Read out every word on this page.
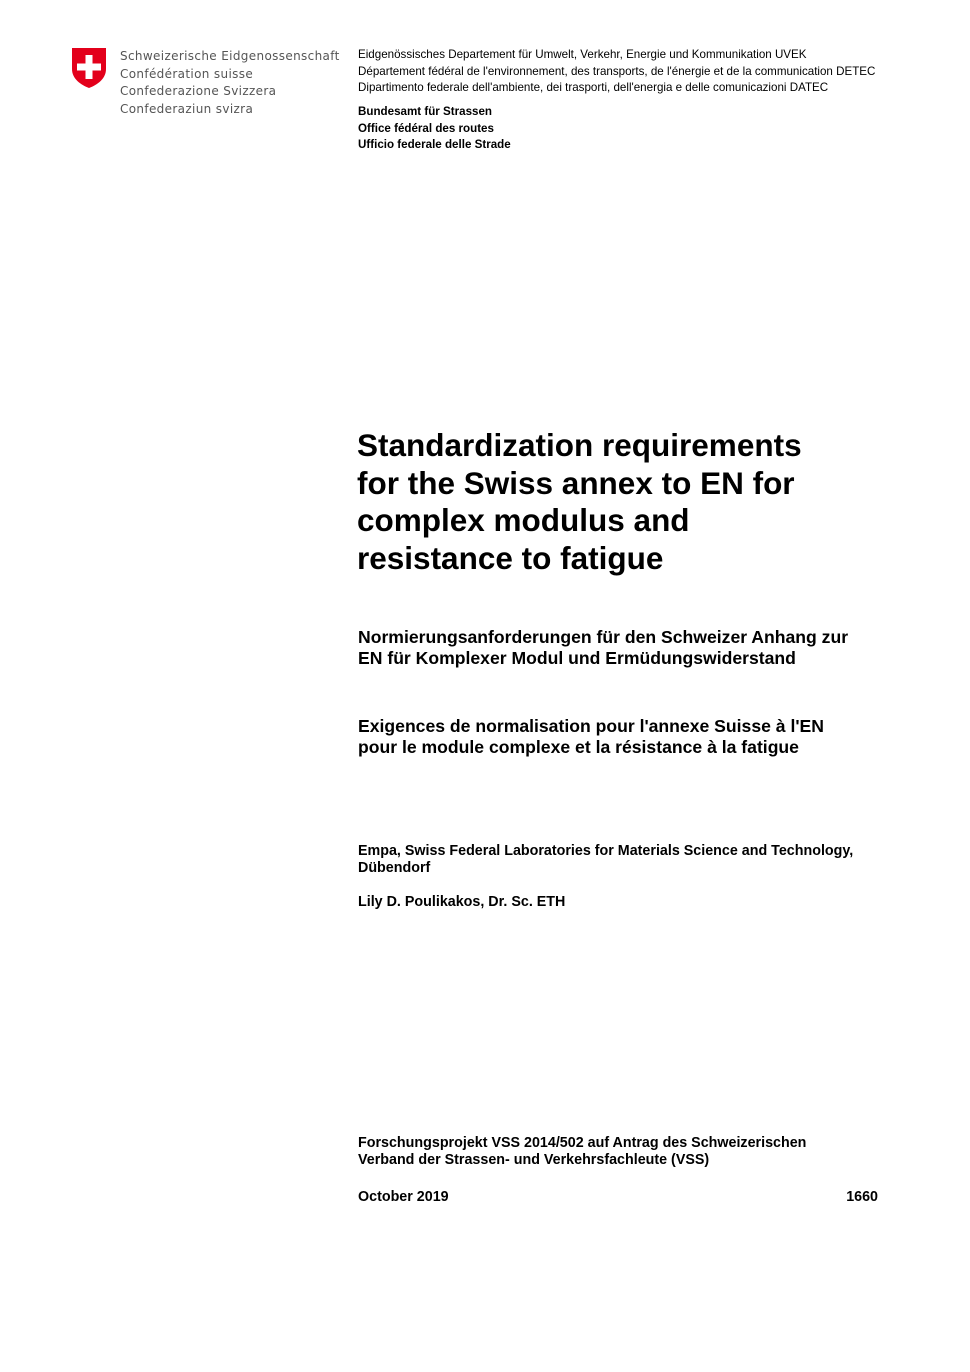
Schweizerische Eidgenossenschaft
Confédération suisse
Confederazione Svizzera
Confederaziun svizra
Eidgenössisches Departement für Umwelt, Verkehr, Energie und Kommunikation UVEK
Département fédéral de l'environnement, des transports, de l'énergie et de la communication DETEC
Dipartimento federale dell'ambiente, dei trasporti, dell'energia e delle comunicazioni DATEC
Bundesamt für Strassen
Office fédéral des routes
Ufficio federale delle Strade
Standardization requirements
for the Swiss annex to EN for
complex modulus and
resistance to fatigue
Normierungsanforderungen für den Schweizer Anhang zur
EN für Komplexer Modul und Ermüdungswiderstand
Exigences de normalisation pour l'annexe Suisse à l'EN
pour le module complexe et la résistance à la fatigue
Empa, Swiss Federal Laboratories for Materials Science and Technology,
Dübendorf
Lily D. Poulikakos, Dr. Sc. ETH
Forschungsprojekt VSS 2014/502 auf Antrag des Schweizerischen
Verband der Strassen- und Verkehrsfachleute (VSS)
October 2019	1660
